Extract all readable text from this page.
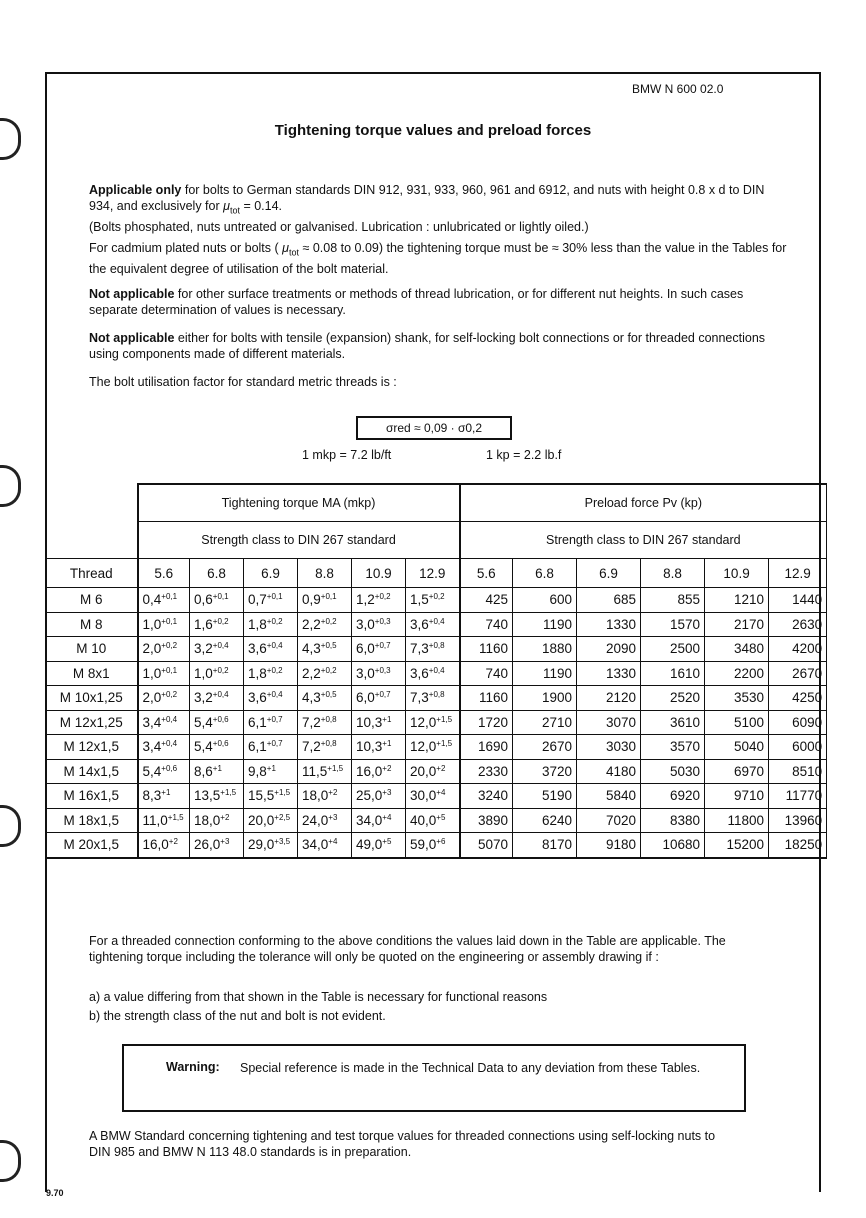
BMW N 600 02.0
Tightening torque values and preload forces
Applicable only for bolts to German standards DIN 912, 931, 933, 960, 961 and 6912, and nuts with height 0.8 x d to DIN 934, and exclusively for $\mu_{tot} = 0.14$.
(Bolts phosphated, nuts untreated or galvanised. Lubrication : unlubricated or lightly oiled.)
For cadmium plated nuts or bolts ( $\mu_{tot} \approx 0.08$ to 0.09) the tightening torque must be ≈ 30% less than the value in the Tables for the equivalent degree of utilisation of the bolt material.
Not applicable for other surface treatments or methods of thread lubrication, or for different nut heights. In such cases separate determination of values is necessary.
Not applicable either for bolts with tensile (expansion) shank, for self-locking bolt connections or for threaded connections using components made of different materials.
The bolt utilisation factor for standard metric threads is :
σred ≈ 0,09 · σ0,2
1 mkp = 7.2 lb/ft	1 kp = 2.2 lb.f
	Tightening torque MA (mkp)						Preload force Pv (kp)					
	Strength class to DIN 267 standard						Strength class to DIN 267 standard					
Thread	5.6	6.8	6.9	8.8	10.9	12.9	5.6	6.8	6.9	8.8	10.9	12.9
M 6	$0,4^{+0,1}$	$0,6^{+0,1}$	$0,7^{+0,1}$	$0,9^{+0,1}$	$1,2^{+0,2}$	$1,5^{+0,2}$	425	600	685	855	1210	1440
M 8	$1,0^{+0,1}$	$1,6^{+0,2}$	$1,8^{+0,2}$	$2,2^{+0,2}$	$3,0^{+0,3}$	$3,6^{+0,4}$	740	1190	1330	1570	2170	2630
M 10	$2,0^{+0,2}$	$3,2^{+0,4}$	$3,6^{+0,4}$	$4,3^{+0,5}$	$6,0^{+0,7}$	$7,3^{+0,8}$	1160	1880	2090	2500	3480	4200
M 8x1	$1,0^{+0,1}$	$1,0^{+0,2}$	$1,8^{+0,2}$	$2,2^{+0,2}$	$3,0^{+0,3}$	$3,6^{+0,4}$	740	1190	1330	1610	2200	2670
M 10x1,25	$2,0^{+0,2}$	$3,2^{+0,4}$	$3,6^{+0,4}$	$4,3^{+0,5}$	$6,0^{+0,7}$	$7,3^{+0,8}$	1160	1900	2120	2520	3530	4250
M 12x1,25	$3,4^{+0,4}$	$5,4^{+0,6}$	$6,1^{+0,7}$	$7,2^{+0,8}$	$10,3^{+1}$	$12,0^{+1,5}$	1720	2710	3070	3610	5100	6090
M 12x1,5	$3,4^{+0,4}$	$5,4^{+0,6}$	$6,1^{+0,7}$	$7,2^{+0,8}$	$10,3^{+1}$	$12,0^{+1,5}$	1690	2670	3030	3570	5040	6000
M 14x1,5	$5,4^{+0,6}$	$8,6^{+1}$	$9,8^{+1}$	$11,5^{+1,5}$	$16,0^{+2}$	$20,0^{+2}$	2330	3720	4180	5030	6970	8510
M 16x1,5	$8,3^{+1}$	$13,5^{+1,5}$	$15,5^{+1,5}$	$18,0^{+2}$	$25,0^{+3}$	$30,0^{+4}$	3240	5190	5840	6920	9710	11770
M 18x1,5	$11,0^{+1,5}$	$18,0^{+2}$	$20,0^{+2,5}$	$24,0^{+3}$	$34,0^{+4}$	$40,0^{+5}$	3890	6240	7020	8380	11800	13960
M 20x1,5	$16,0^{+2}$	$26,0^{+3}$	$29,0^{+3,5}$	$34,0^{+4}$	$49,0^{+5}$	$59,0^{+6}$	5070	8170	9180	10680	15200	18250
For a threaded connection conforming to the above conditions the values laid down in the Table are applicable. The tightening torque including the tolerance will only be quoted on the engineering or assembly drawing if :
a) a value differing from that shown in the Table is necessary for functional reasons
b) the strength class of the nut and bolt is not evident.
Warning: Special reference is made in the Technical Data to any deviation from these Tables.
A BMW Standard concerning tightening and test torque values for threaded connections using self-locking nuts to DIN 985 and BMW N 113 48.0 standards is in preparation.
9.70
